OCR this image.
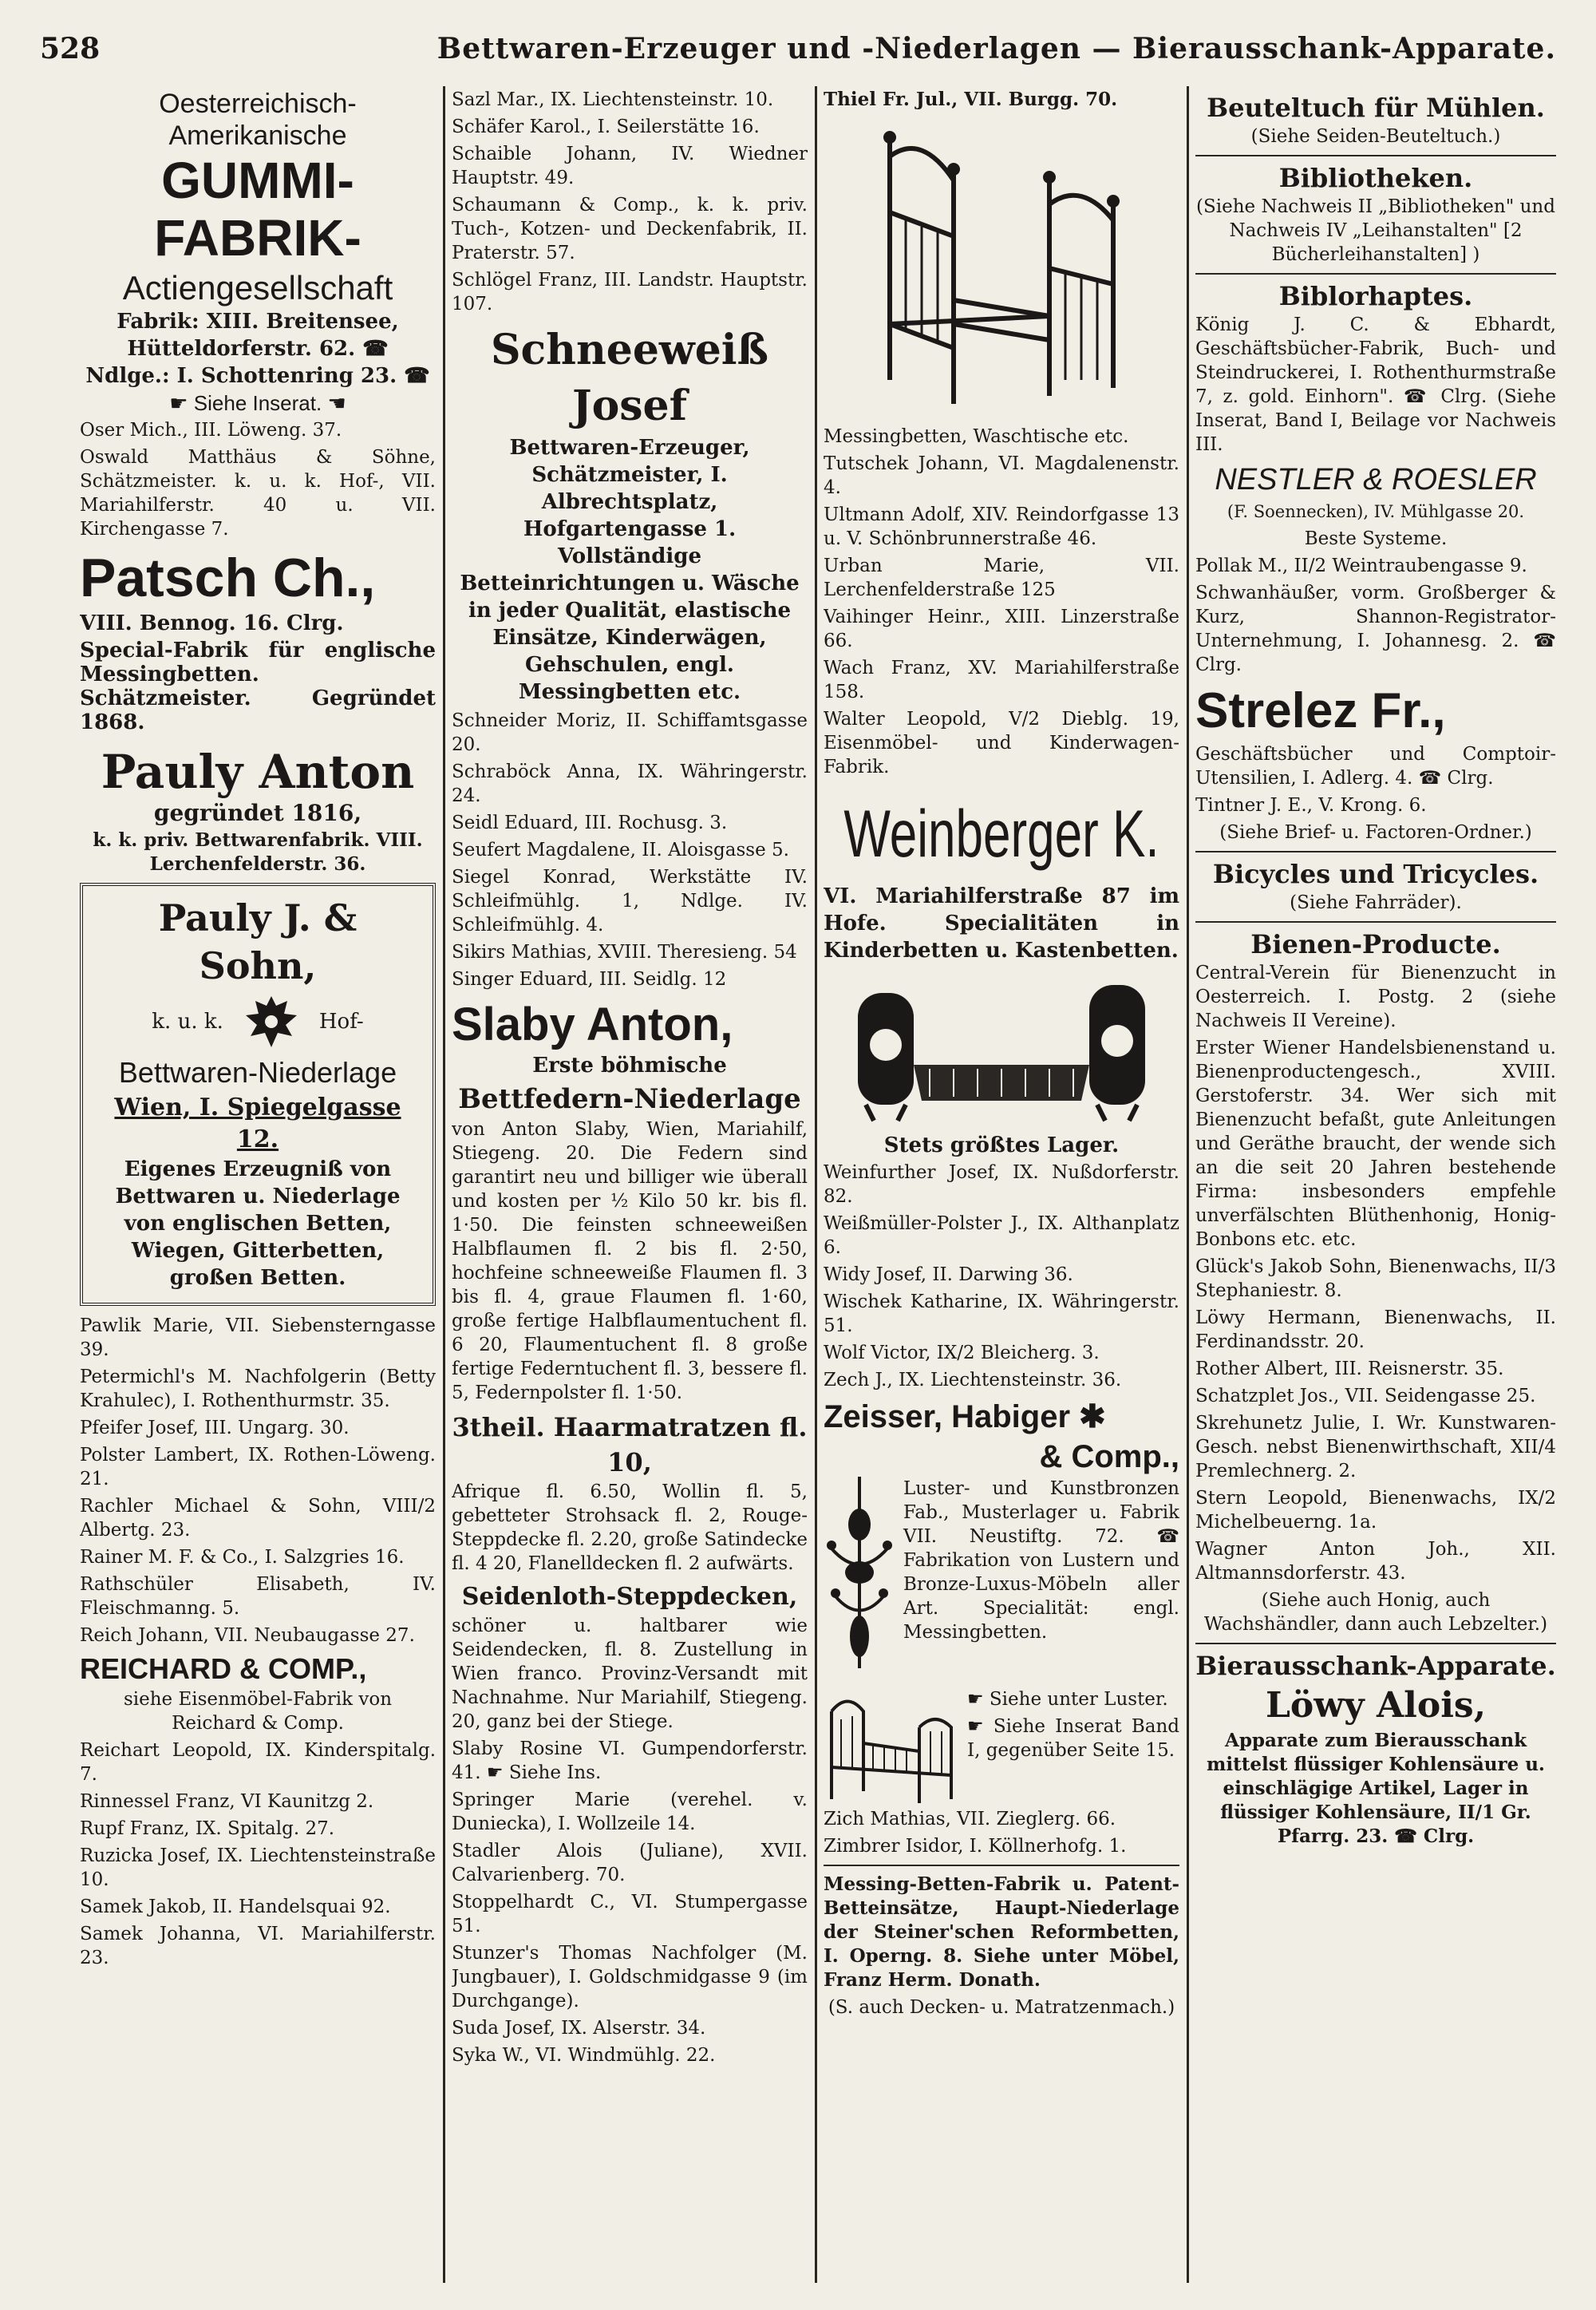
528	Bettwaren-Erzeuger und -Niederlagen — Bierausschank-Apparate.
Oesterreichisch-Amerikanische
GUMMI-FABRIK-
Actiengesellschaft
Fabrik: XIII. Breitensee,
Hütteldorferstr. 62. ☎
Ndlge.: I. Schottenring 23. ☎
☛ Siehe Inserat. ☚
Oser Mich., III. Löweng. 37.
Oswald Matthäus & Söhne, Schätzmeister. k. u. k. Hof-, VII. Mariahilferstr. 40 u. VII. Kirchengasse 7.
Patsch Ch.,
VIII. Bennog. 16. Clrg.
Special-Fabrik für englische Messingbetten. Schätzmeister. Gegründet 1868.
Pauly Anton
gegründet 1816,
k. k. priv. Bettwarenfabrik. VIII. Lerchenfelderstr. 36.
Pauly J. & Sohn,
k. u. k.	Hof-
Bettwaren-Niederlage
Wien, I. Spiegelgasse 12.
Eigenes Erzeugniß von Bettwaren u. Niederlage von englischen Betten, Wiegen, Gitterbetten, großen Betten.
Pawlik Marie, VII. Siebensterngasse 39.
Petermichl's M. Nachfolgerin (Betty Krahulec), I. Rothenthurmstr. 35.
Pfeifer Josef, III. Ungarg. 30.
Polster Lambert, IX. Rothen-Löweng. 21.
Rachler Michael & Sohn, VIII/2 Albertg. 23.
Rainer M. F. & Co., I. Salzgries 16.
Rathschüler Elisabeth, IV. Fleischmanng. 5.
Reich Johann, VII. Neubaugasse 27.
REICHARD & COMP.,
siehe Eisenmöbel-Fabrik von Reichard & Comp.
Reichart Leopold, IX. Kinderspitalg. 7.
Rinnessel Franz, VI Kaunitzg 2.
Rupf Franz, IX. Spitalg. 27.
Ruzicka Josef, IX. Liechtensteinstraße 10.
Samek Jakob, II. Handelsquai 92.
Samek Johanna, VI. Mariahilferstr. 23.
Sazl Mar., IX. Liechtensteinstr. 10.
Schäfer Karol., I. Seilerstätte 16.
Schaible Johann, IV. Wiedner Hauptstr. 49.
Schaumann & Comp., k. k. priv. Tuch-, Kotzen- und Deckenfabrik, II. Praterstr. 57.
Schlögel Franz, III. Landstr. Hauptstr. 107.
Schneeweiß Josef
Bettwaren-Erzeuger, Schätzmeister, I. Albrechtsplatz, Hofgartengasse 1. Vollständige Betteinrichtungen u. Wäsche in jeder Qualität, elastische Einsätze, Kinderwägen, Gehschulen, engl. Messingbetten etc.
Schneider Moriz, II. Schiffamtsgasse 20.
Schraböck Anna, IX. Währingerstr. 24.
Seidl Eduard, III. Rochusg. 3.
Seufert Magdalene, II. Aloisgasse 5.
Siegel Konrad, Werkstätte IV. Schleifmühlg. 1, Ndlge. IV. Schleifmühlg. 4.
Sikirs Mathias, XVIII. Theresieng. 54
Singer Eduard, III. Seidlg. 12
Slaby Anton,
Erste böhmische
Bettfedern-Niederlage
von Anton Slaby, Wien, Mariahilf, Stiegeng. 20. Die Federn sind garantirt neu und billiger wie überall und kosten per ½ Kilo 50 kr. bis fl. 1·50. Die feinsten schneeweißen Halbflaumen fl. 2 bis fl. 2·50, hochfeine schneeweiße Flaumen fl. 3 bis fl. 4, graue Flaumen fl. 1·60, große fertige Halbflaumentuchent fl. 6 20, Flaumentuchent fl. 8 große fertige Federntuchent fl. 3, bessere fl. 5, Federnpolster fl. 1·50.
3theil. Haarmatratzen fl. 10,
Afrique fl. 6.50, Wollin fl. 5, gebetteter Strohsack fl. 2, Rouge-Steppdecke fl. 2.20, große Satindecke fl. 4 20, Flanelldecken fl. 2 aufwärts.
Seidenloth-Steppdecken,
schöner u. haltbarer wie Seidendecken, fl. 8. Zustellung in Wien franco. Provinz-Versandt mit Nachnahme. Nur Mariahilf, Stiegeng. 20, ganz bei der Stiege.
Slaby Rosine VI. Gumpendorferstr. 41. ☛ Siehe Ins.
Springer Marie (verehel. v. Duniecka), I. Wollzeile 14.
Stadler Alois (Juliane), XVII. Calvarienberg. 70.
Stoppelhardt C., VI. Stumpergasse 51.
Stunzer's Thomas Nachfolger (M. Jungbauer), I. Goldschmidgasse 9 (im Durchgange).
Suda Josef, IX. Alserstr. 34.
Syka W., VI. Windmühlg. 22.
Thiel Fr. Jul., VII. Burgg. 70.
Messingbetten, Waschtische etc.
Tutschek Johann, VI. Magdalenenstr. 4.
Ultmann Adolf, XIV. Reindorfgasse 13 u. V. Schönbrunnerstraße 46.
Urban Marie, VII. Lerchenfelderstraße 125
Vaihinger Heinr., XIII. Linzerstraße 66.
Wach Franz, XV. Mariahilferstraße 158.
Walter Leopold, V/2 Dieblg. 19, Eisenmöbel- und Kinderwagen-Fabrik.
Weinberger K.
VI. Mariahilferstraße 87 im Hofe. Specialitäten in Kinderbetten u. Kastenbetten.
Stets größtes Lager.
Weinfurther Josef, IX. Nußdorferstr. 82.
Weißmüller-Polster J., IX. Althanplatz 6.
Widy Josef, II. Darwing 36.
Wischek Katharine, IX. Währingerstr. 51.
Wolf Victor, IX/2 Bleicherg. 3.
Zech J., IX. Liechtensteinstr. 36.
Zeisser, Habiger ✱
& Comp.,
Luster- und Kunstbronzen Fab., Musterlager u. Fabrik VII. Neustiftg. 72. ☎ Fabrikation von Lustern und Bronze-Luxus-Möbeln aller Art. Specialität: engl. Messingbetten.
☛ Siehe unter Luster.
☛ Siehe Inserat Band I, gegenüber Seite 15.
Zich Mathias, VII. Zieglerg. 66.
Zimbrer Isidor, I. Köllnerhofg. 1.
Messing-Betten-Fabrik u. Patent-Betteinsätze, Haupt-Niederlage der Steiner'schen Reformbetten, I. Operng. 8. Siehe unter Möbel, Franz Herm. Donath.
(S. auch Decken- u. Matratzenmach.)
Beuteltuch für Mühlen.
(Siehe Seiden-Beuteltuch.)
Bibliotheken.
(Siehe Nachweis II „Bibliotheken" und Nachweis IV „Leihanstalten" [2 Bücherleihanstalten] )
Biblorhaptes.
König J. C. & Ebhardt, Geschäftsbücher-Fabrik, Buch- und Steindruckerei, I. Rothenthurmstraße 7, z. gold. Einhorn". ☎ Clrg. (Siehe Inserat, Band I, Beilage vor Nachweis III.
NESTLER & ROESLER
(F. Soennecken), IV. Mühlgasse 20.
Beste Systeme.
Pollak M., II/2 Weintraubengasse 9.
Schwanhäußer, vorm. Großberger & Kurz, Shannon-Registrator-Unternehmung, I. Johannesg. 2. ☎ Clrg.
Strelez Fr.,
Geschäftsbücher und Comptoir-Utensilien, I. Adlerg. 4. ☎ Clrg.
Tintner J. E., V. Krong. 6.
(Siehe Brief- u. Factoren-Ordner.)
Bicycles und Tricycles.
(Siehe Fahrräder).
Bienen-Producte.
Central-Verein für Bienenzucht in Oesterreich. I. Postg. 2 (siehe Nachweis II Vereine).
Erster Wiener Handelsbienenstand u. Bienenproductengesch., XVIII. Gerstoferstr. 34. Wer sich mit Bienenzucht befaßt, gute Anleitungen und Geräthe braucht, der wende sich an die seit 20 Jahren bestehende Firma: insbesonders empfehle unverfälschten Blüthenhonig, Honig-Bonbons etc. etc.
Glück's Jakob Sohn, Bienenwachs, II/3 Stephaniestr. 8.
Löwy Hermann, Bienenwachs, II. Ferdinandsstr. 20.
Rother Albert, III. Reisnerstr. 35.
Schatzplet Jos., VII. Seidengasse 25.
Skrehunetz Julie, I. Wr. Kunstwaren-Gesch. nebst Bienenwirthschaft, XII/4 Premlechnerg. 2.
Stern Leopold, Bienenwachs, IX/2 Michelbeuerng. 1a.
Wagner Anton Joh., XII. Altmannsdorferstr. 43.
(Siehe auch Honig, auch Wachshändler, dann auch Lebzelter.)
Bierausschank-Apparate.
Löwy Alois,
Apparate zum Bierausschank mittelst flüssiger Kohlensäure u. einschlägige Artikel, Lager in flüssiger Kohlensäure, II/1 Gr. Pfarrg. 23. ☎ Clrg.
